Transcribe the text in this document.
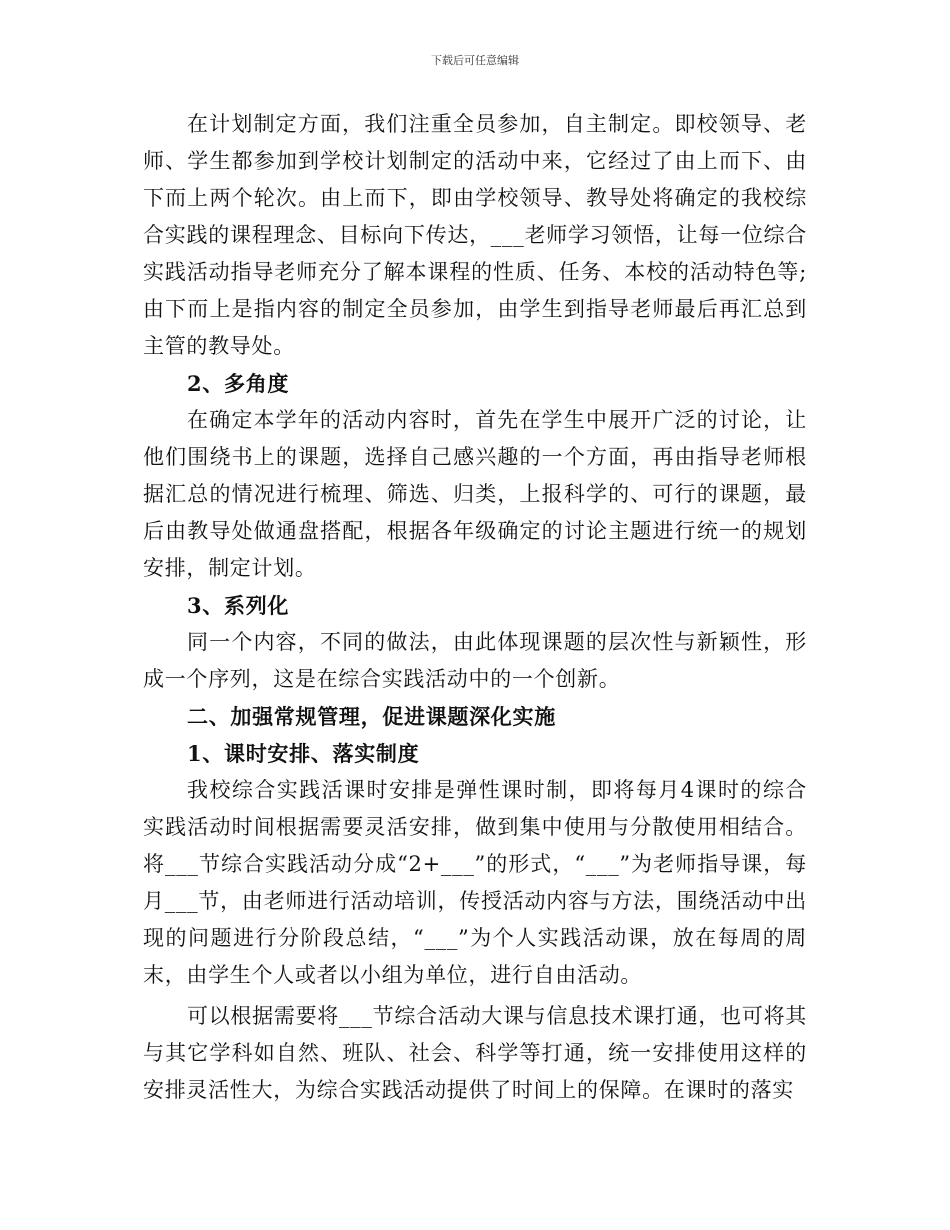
下载后可任意编辑

在计划制定方面，我们注重全员参加，自主制定。即校领导、老师、学生都参加到学校计划制定的活动中来，它经过了由上而下、由下而上两个轮次。由上而下，即由学校领导、教导处将确定的我校综合实践的课程理念、目标向下传达，___老师学习领悟，让每一位综合实践活动指导老师充分了解本课程的性质、任务、本校的活动特色等;由下而上是指内容的制定全员参加，由学生到指导老师最后再汇总到主管的教导处。

2、多角度

在确定本学年的活动内容时，首先在学生中展开广泛的讨论，让他们围绕书上的课题，选择自己感兴趣的一个方面，再由指导老师根据汇总的情况进行梳理、筛选、归类，上报科学的、可行的课题，最后由教导处做通盘搭配，根据各年级确定的讨论主题进行统一的规划安排，制定计划。

3、系列化

同一个内容，不同的做法，由此体现课题的层次性与新颖性，形成一个序列，这是在综合实践活动中的一个创新。

二、加强常规管理，促进课题深化实施

1、课时安排、落实制度

我校综合实践活课时安排是弹性课时制，即将每月4课时的综合实践活动时间根据需要灵活安排，做到集中使用与分散使用相结合。将___节综合实践活动分成“2+___”的形式，“___”为老师指导课，每月___节，由老师进行活动培训，传授活动内容与方法，围绕活动中出现的问题进行分阶段总结，“___”为个人实践活动课，放在每周的周末，由学生个人或者以小组为单位，进行自由活动。

可以根据需要将___节综合活动大课与信息技术课打通，也可将其与其它学科如自然、班队、社会、科学等打通，统一安排使用这样的安排灵活性大，为综合实践活动提供了时间上的保障。在课时的落实
